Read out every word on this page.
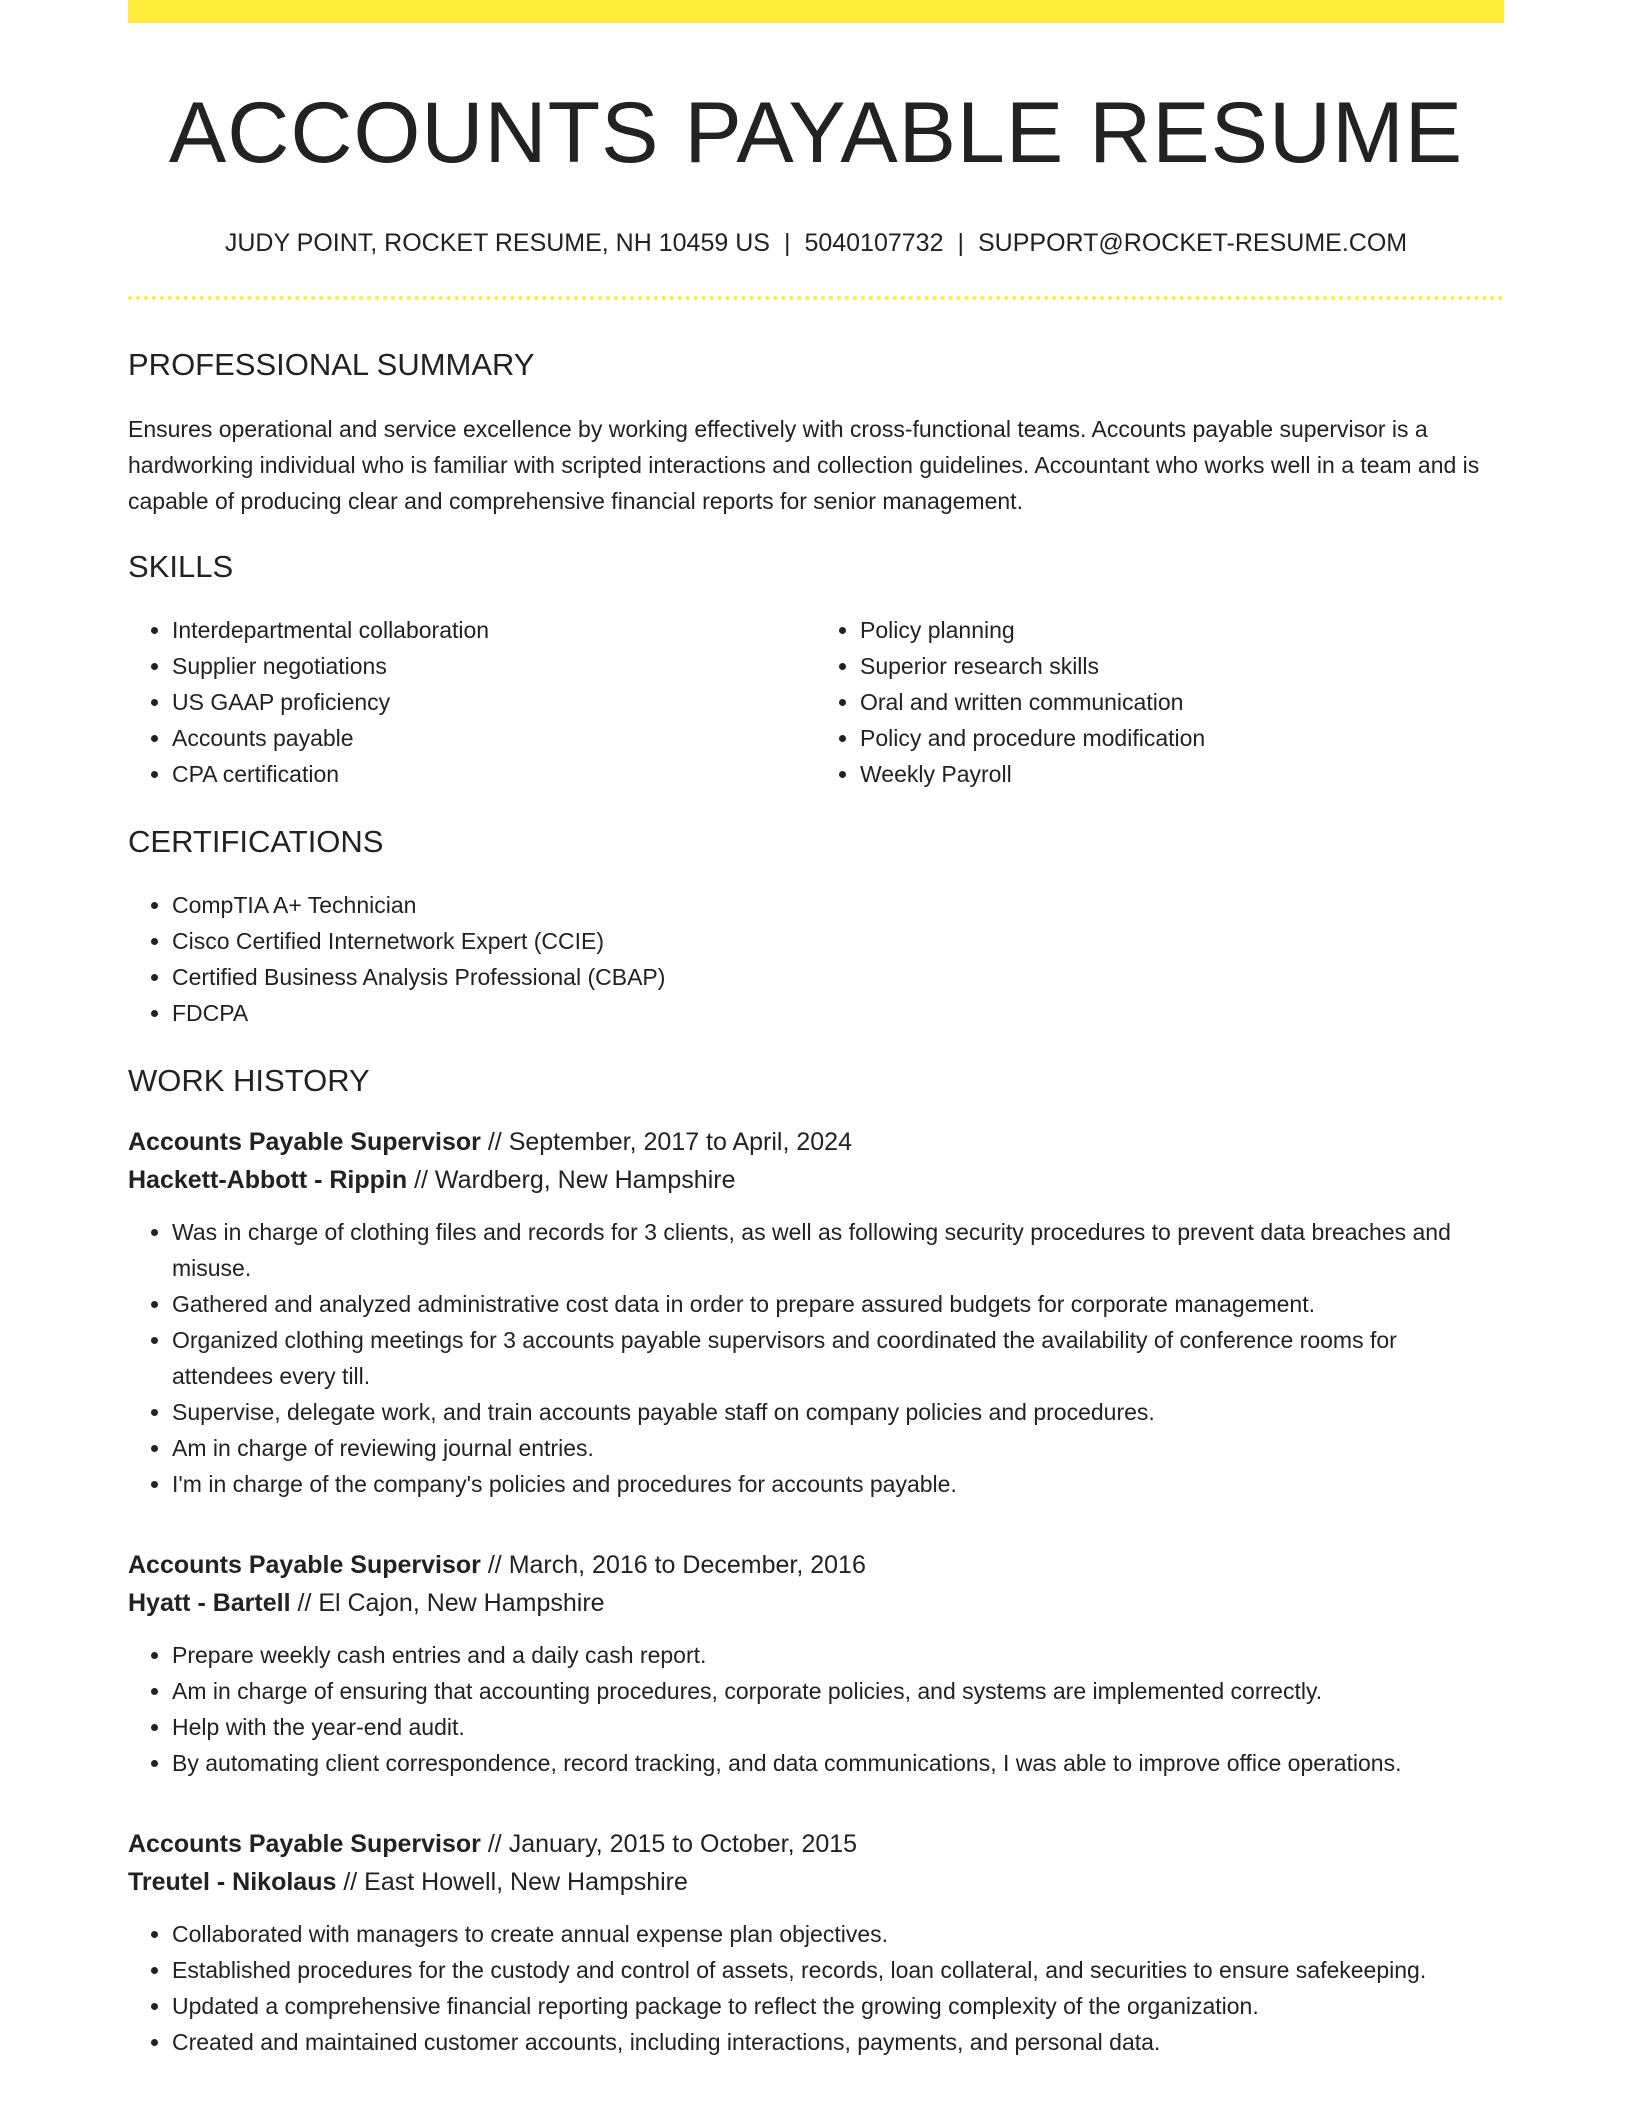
ACCOUNTS PAYABLE RESUME
JUDY POINT, ROCKET RESUME, NH 10459 US | 5040107732 | SUPPORT@ROCKET-RESUME.COM
PROFESSIONAL SUMMARY

Ensures operational and service excellence by working effectively with cross-functional teams. Accounts payable supervisor is a hardworking individual who is familiar with scripted interactions and collection guidelines. Accountant who works well in a team and is capable of producing clear and comprehensive financial reports for senior management.

SKILLS
• Interdepartmental collaboration
• Supplier negotiations
• US GAAP proficiency
• Accounts payable
• CPA certification
• Policy planning
• Superior research skills
• Oral and written communication
• Policy and procedure modification
• Weekly Payroll
CERTIFICATIONS
• CompTIA A+ Technician
• Cisco Certified Internetwork Expert (CCIE)
• Certified Business Analysis Professional (CBAP)
• FDCPA
WORK HISTORY
Accounts Payable Supervisor // September, 2017 to April, 2024
Hackett-Abbott - Rippin // Wardberg, New Hampshire
• Was in charge of clothing files and records for 3 clients, as well as following security procedures to prevent data breaches and misuse.
• Gathered and analyzed administrative cost data in order to prepare assured budgets for corporate management.
• Organized clothing meetings for 3 accounts payable supervisors and coordinated the availability of conference rooms for attendees every till.
• Supervise, delegate work, and train accounts payable staff on company policies and procedures.
• Am in charge of reviewing journal entries.
• I'm in charge of the company's policies and procedures for accounts payable.
Accounts Payable Supervisor // March, 2016 to December, 2016
Hyatt - Bartell // El Cajon, New Hampshire
• Prepare weekly cash entries and a daily cash report.
• Am in charge of ensuring that accounting procedures, corporate policies, and systems are implemented correctly.
• Help with the year-end audit.
• By automating client correspondence, record tracking, and data communications, I was able to improve office operations.
Accounts Payable Supervisor // January, 2015 to October, 2015
Treutel - Nikolaus // East Howell, New Hampshire
• Collaborated with managers to create annual expense plan objectives.
• Established procedures for the custody and control of assets, records, loan collateral, and securities to ensure safekeeping.
• Updated a comprehensive financial reporting package to reflect the growing complexity of the organization.
• Created and maintained customer accounts, including interactions, payments, and personal data.
